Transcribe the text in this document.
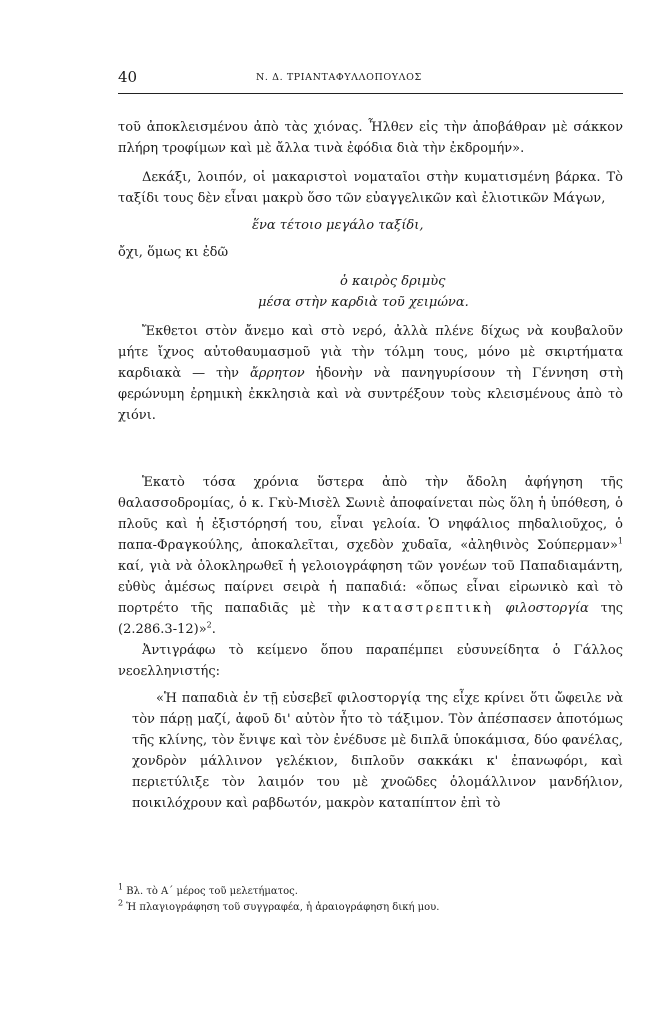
40	Ν. Δ. ΤΡΙΑΝΤΑΦΥΛΛΟΠΟΥΛΟΣ

τοῦ ἀποκλεισμένου ἀπὸ τὰς χιόνας. Ἦλθεν εἰς τὴν ἀποβάθραν μὲ σάκκον πλήρη τροφίμων καὶ μὲ ἄλλα τινὰ ἐφόδια διὰ τὴν ἐκδρομήν».

Δεκάξι, λοιπόν, οἱ μακαριστοὶ νοματαῖοι στὴν κυματισμένη βάρκα. Τὸ ταξίδι τους δὲν εἶναι μακρὺ ὅσο τῶν εὐαγγελικῶν καὶ ἐλιοτικῶν Μάγων,

ἕνα τέτοιο μεγάλο ταξίδι,

ὄχι, ὅμως κι ἐδῶ

ὁ καιρὸς δριμὺς

μέσα στὴν καρδιὰ τοῦ χειμώνα.

Ἔκθετοι στὸν ἄνεμο καὶ στὸ νερό, ἀλλὰ πλένε δίχως νὰ κουβαλοῦν μήτε ἴχνος αὐτοθαυμασμοῦ γιὰ τὴν τόλμη τους, μόνο μὲ σκιρτήματα καρδιακὰ — τὴν ἄρρητον ἡδονὴν νὰ πανηγυρίσουν τὴ Γέννηση στὴ φερώνυμη ἐρημικὴ ἐκκλησιὰ καὶ νὰ συντρέξουν τοὺς κλεισμένους ἀπὸ τὸ χιόνι.

Ἑκατὸ τόσα χρόνια ὕστερα ἀπὸ τὴν ἄδολη ἀφήγηση τῆς θαλασσοδρομίας, ὁ κ. Γκὺ-Μισὲλ Σωνιὲ ἀποφαίνεται πὼς ὅλη ἡ ὑπόθεση, ὁ πλοῦς καὶ ἡ ἐξιστόρησή του, εἶναι γελοία. Ὁ νηφάλιος πηδαλιοῦχος, ὁ παπα-Φραγκούλης, ἀποκαλεῖται, σχεδὸν χυδαῖα, «ἀληθινὸς Σούπερμαν»$^1$ καί, γιὰ νὰ ὁλοκληρωθεῖ ἡ γελοιογράφηση τῶν γονέων τοῦ Παπαδιαμάντη, εὐθὺς ἀμέσως παίρνει σειρὰ ἡ παπαδιά: «ὅπως εἶναι εἰρωνικὸ καὶ τὸ πορτρέτο τῆς παπαδιᾶς μὲ τὴν καταστρεπτικὴ φιλοστοργία της (2.286.3-12)»$^2$.

Ἀντιγράφω τὸ κείμενο ὅπου παραπέμπει εὐσυνείδητα ὁ Γάλλος νεοελληνιστής:

«Ἡ παπαδιὰ ἐν τῇ εὐσεβεῖ φιλοστοργίᾳ της εἶχε κρίνει ὅτι ὤφειλε νὰ τὸν πάρῃ μαζί, ἀφοῦ δι' αὐτὸν ἦτο τὸ τάξιμον. Τὸν ἀπέσπασεν ἀποτόμως τῆς κλίνης, τὸν ἔνιψε καὶ τὸν ἐνέδυσε μὲ διπλᾶ ὑποκάμισα, δύο φανέλας, χονδρὸν μάλλινον γελέκιον, διπλοῦν σακκάκι κ' ἐπανωφόρι, καὶ περιετύλιξε τὸν λαιμόν του μὲ χνοῶδες ὁλομάλλινον μανδήλιον, ποικιλόχρουν καὶ ραβδωτόν, μακρὸν καταπίπτον ἐπὶ τὸ

$^1$ Βλ. τὸ Α΄ μέρος τοῦ μελετήματος.

$^2$ Ἡ πλαγιογράφηση τοῦ συγγραφέα, ἡ ἀραιογράφηση δική μου.
